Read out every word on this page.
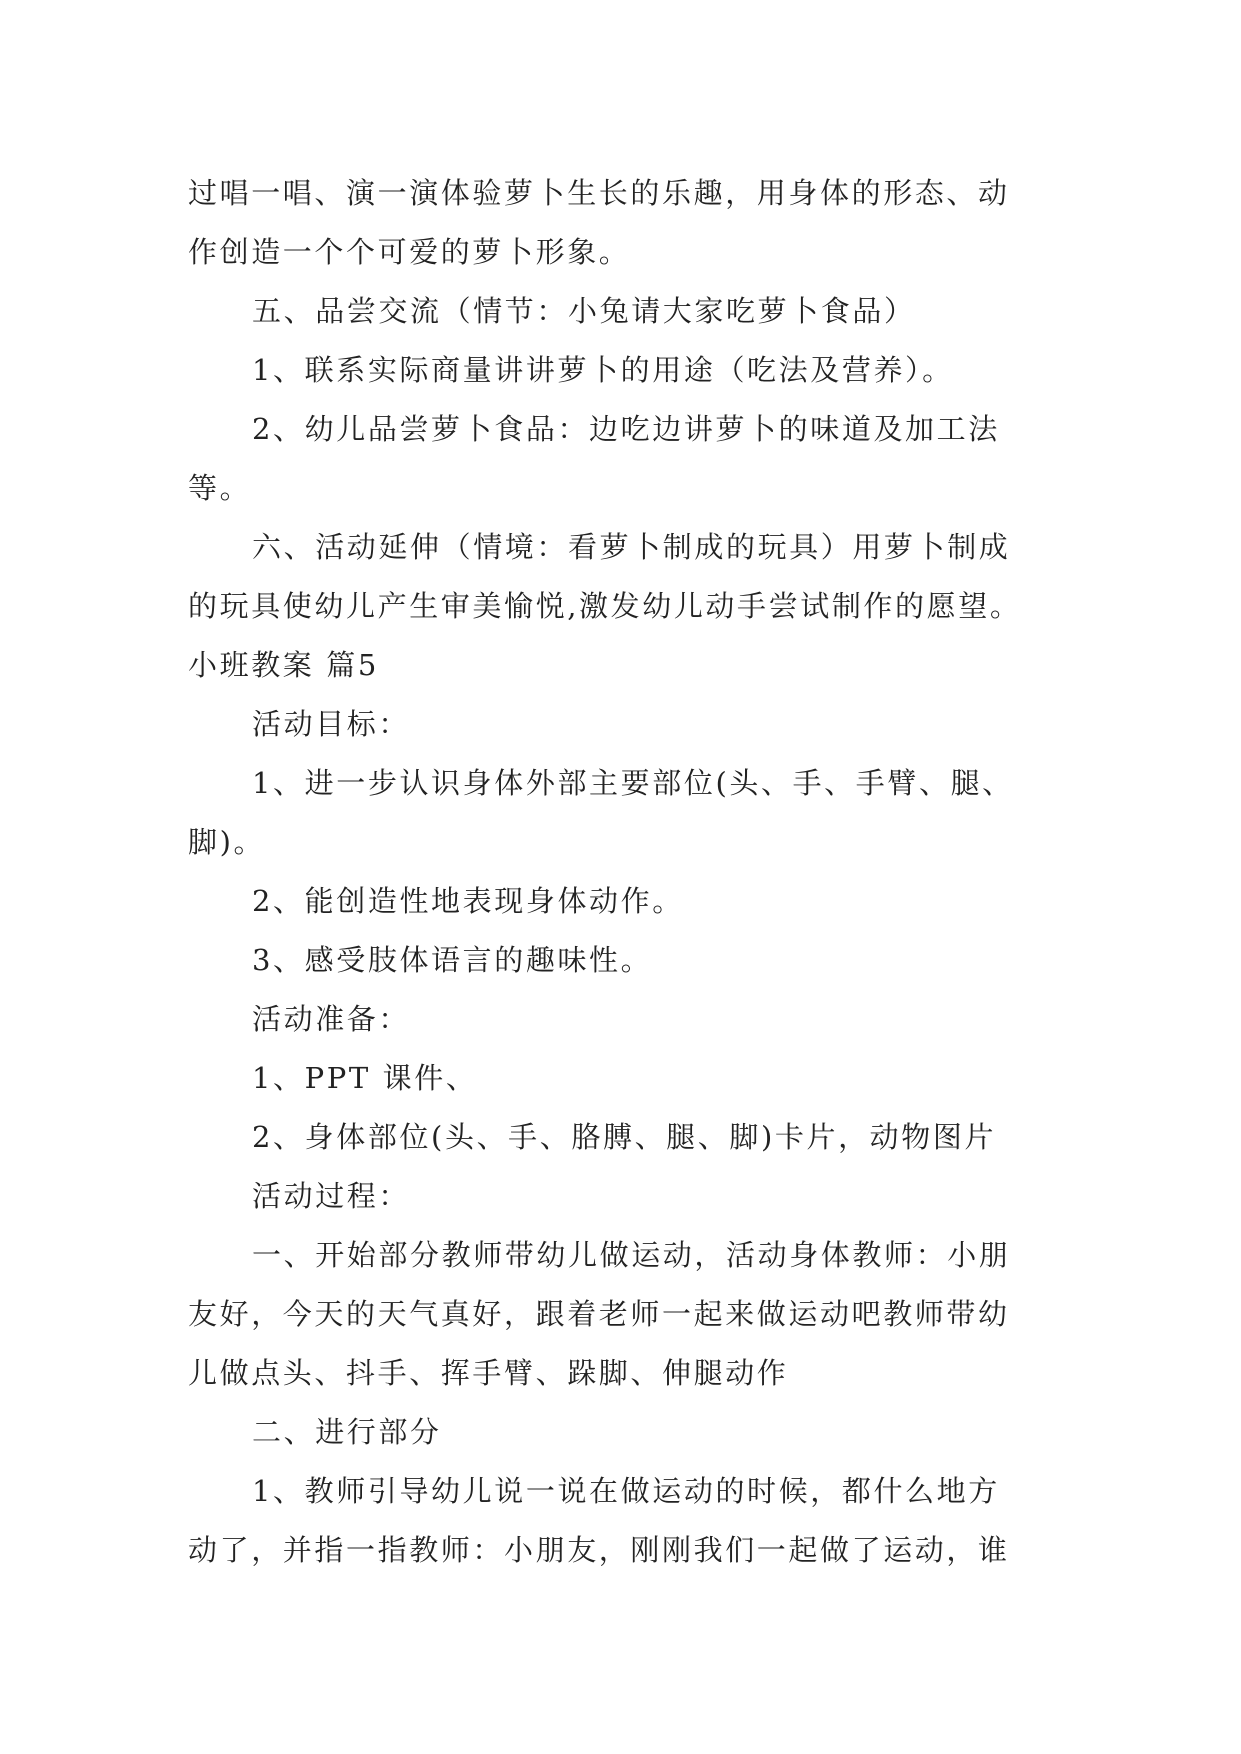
过唱一唱、演一演体验萝卜生长的乐趣，用身体的形态、动
作创造一个个可爱的萝卜形象。
五、品尝交流（情节：小兔请大家吃萝卜食品）
1、联系实际商量讲讲萝卜的用途（吃法及营养）。
2、幼儿品尝萝卜食品：边吃边讲萝卜的味道及加工法
等。
六、活动延伸（情境：看萝卜制成的玩具）用萝卜制成
的玩具使幼儿产生审美愉悦,激发幼儿动手尝试制作的愿望。
小班教案 篇5
活动目标：
1、进一步认识身体外部主要部位(头、手、手臂、腿、
脚)。
2、能创造性地表现身体动作。
3、感受肢体语言的趣味性。
活动准备：
1、PPT 课件、
2、身体部位(头、手、胳膊、腿、脚)卡片，动物图片
活动过程：
一、开始部分教师带幼儿做运动，活动身体教师：小朋
友好，今天的天气真好，跟着老师一起来做运动吧教师带幼
儿做点头、抖手、挥手臂、跺脚、伸腿动作
二、进行部分
1、教师引导幼儿说一说在做运动的时候，都什么地方
动了，并指一指教师：小朋友，刚刚我们一起做了运动，谁
